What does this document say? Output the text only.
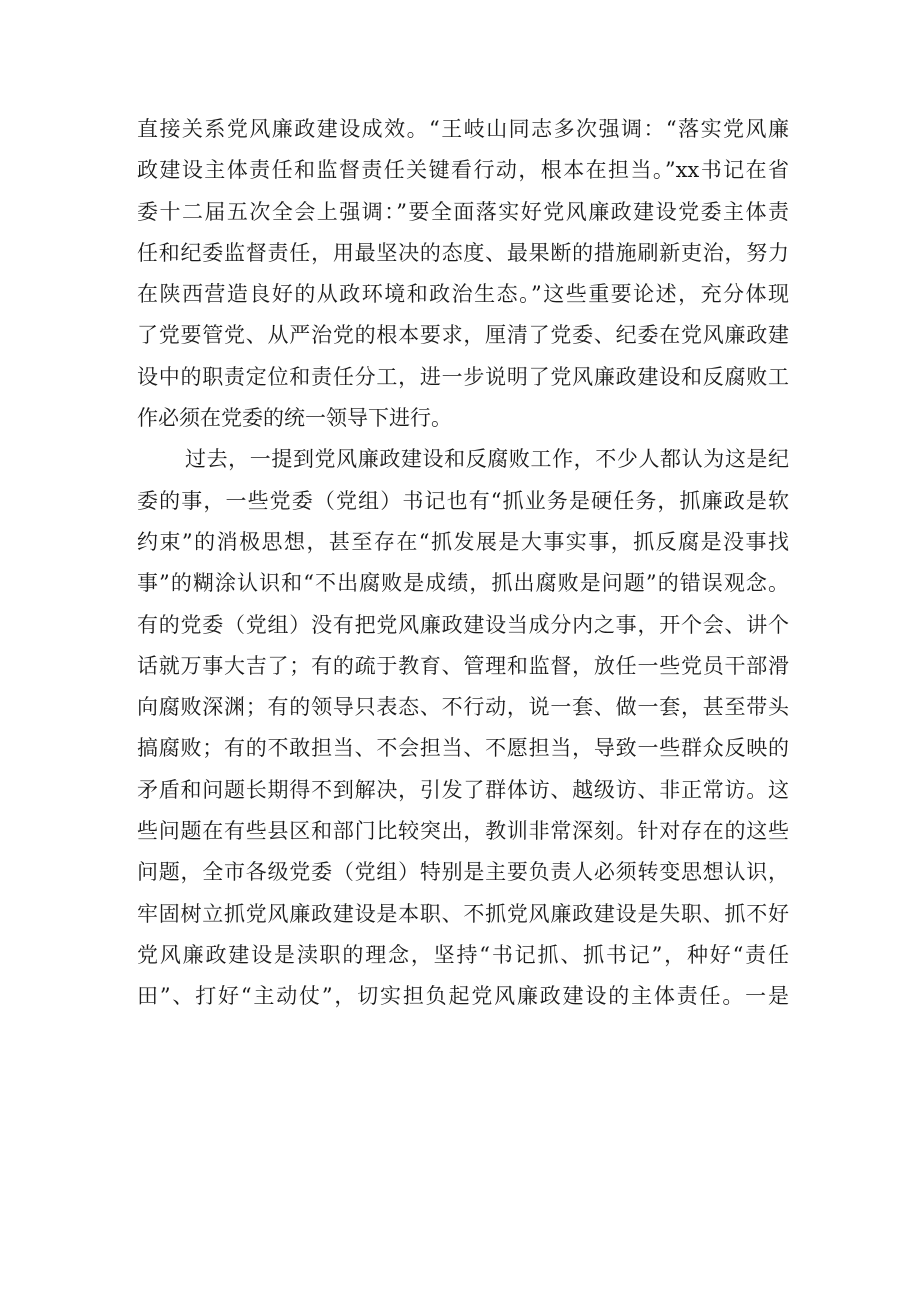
直接关系党风廉政建设成效。“王岐山同志多次强调：“落实党风廉
政建设主体责任和监督责任关键看行动，根本在担当。”xx书记在省
委十二届五次全会上强调：”要全面落实好党风廉政建设党委主体责
任和纪委监督责任，用最坚决的态度、最果断的措施刷新吏治，努力
在陕西营造良好的从政环境和政治生态。”这些重要论述，充分体现
了党要管党、从严治党的根本要求，厘清了党委、纪委在党风廉政建
设中的职责定位和责任分工，进一步说明了党风廉政建设和反腐败工
作必须在党委的统一领导下进行。
过去，一提到党风廉政建设和反腐败工作，不少人都认为这是纪
委的事，一些党委（党组）书记也有“抓业务是硬任务，抓廉政是软
约束”的消极思想，甚至存在“抓发展是大事实事，抓反腐是没事找
事”的糊涂认识和“不出腐败是成绩，抓出腐败是问题”的错误观念。
有的党委（党组）没有把党风廉政建设当成分内之事，开个会、讲个
话就万事大吉了；有的疏于教育、管理和监督，放任一些党员干部滑
向腐败深渊；有的领导只表态、不行动，说一套、做一套，甚至带头
搞腐败；有的不敢担当、不会担当、不愿担当，导致一些群众反映的
矛盾和问题长期得不到解决，引发了群体访、越级访、非正常访。这
些问题在有些县区和部门比较突出，教训非常深刻。针对存在的这些
问题，全市各级党委（党组）特别是主要负责人必须转变思想认识，
牢固树立抓党风廉政建设是本职、不抓党风廉政建设是失职、抓不好
党风廉政建设是渎职的理念，坚持“书记抓、抓书记”，种好“责任
田”、打好“主动仗”，切实担负起党风廉政建设的主体责任。一是
